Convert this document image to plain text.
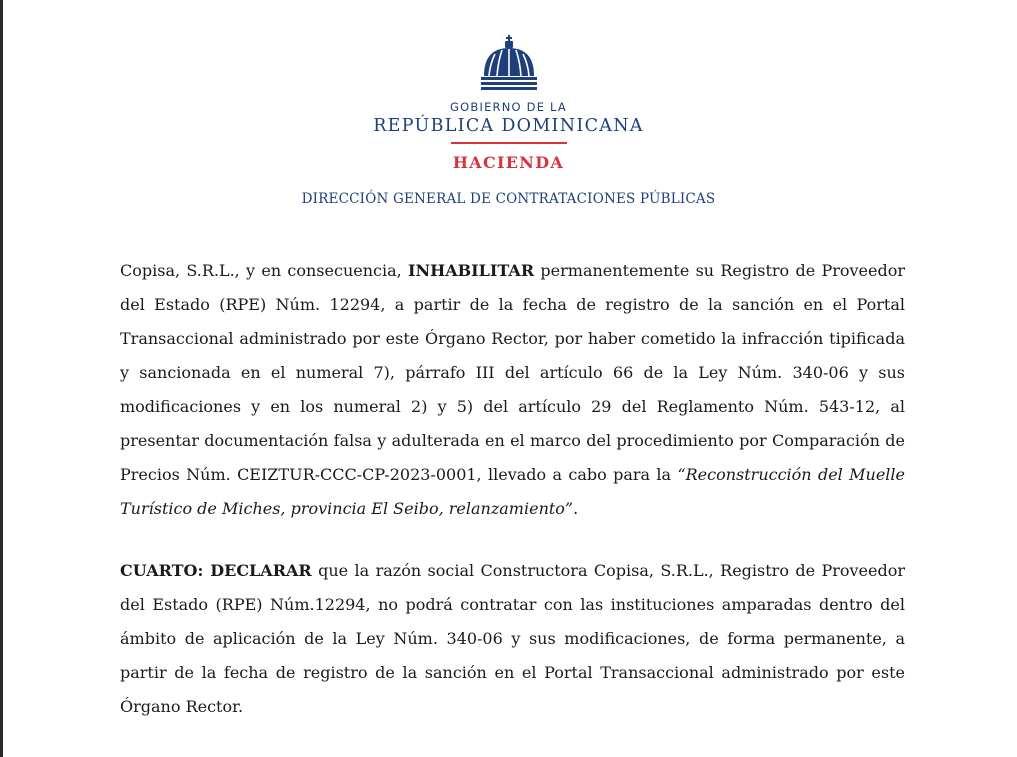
GOBIERNO DE LA
REPÚBLICA DOMINICANA
HACIENDA
DIRECCIÓN GENERAL DE CONTRATACIONES PÚBLICAS

Copisa, S.R.L., y en consecuencia, INHABILITAR permanentemente su Registro de Proveedor del Estado (RPE) Núm. 12294, a partir de la fecha de registro de la sanción en el Portal Transaccional administrado por este Órgano Rector, por haber cometido la infracción tipificada y sancionada en el numeral 7), párrafo III del artículo 66 de la Ley Núm. 340-06 y sus modificaciones y en los numeral 2) y 5) del artículo 29 del Reglamento Núm. 543-12, al presentar documentación falsa y adulterada en el marco del procedimiento por Comparación de Precios Núm. CEIZTUR-CCC-CP-2023-0001, llevado a cabo para la “Reconstrucción del Muelle Turístico de Miches, provincia El Seibo, relanzamiento”.

CUARTO: DECLARAR que la razón social Constructora Copisa, S.R.L., Registro de Proveedor del Estado (RPE) Núm.12294, no podrá contratar con las instituciones amparadas dentro del ámbito de aplicación de la Ley Núm. 340-06 y sus modificaciones, de forma permanente, a partir de la fecha de registro de la sanción en el Portal Transaccional administrado por este Órgano Rector.
